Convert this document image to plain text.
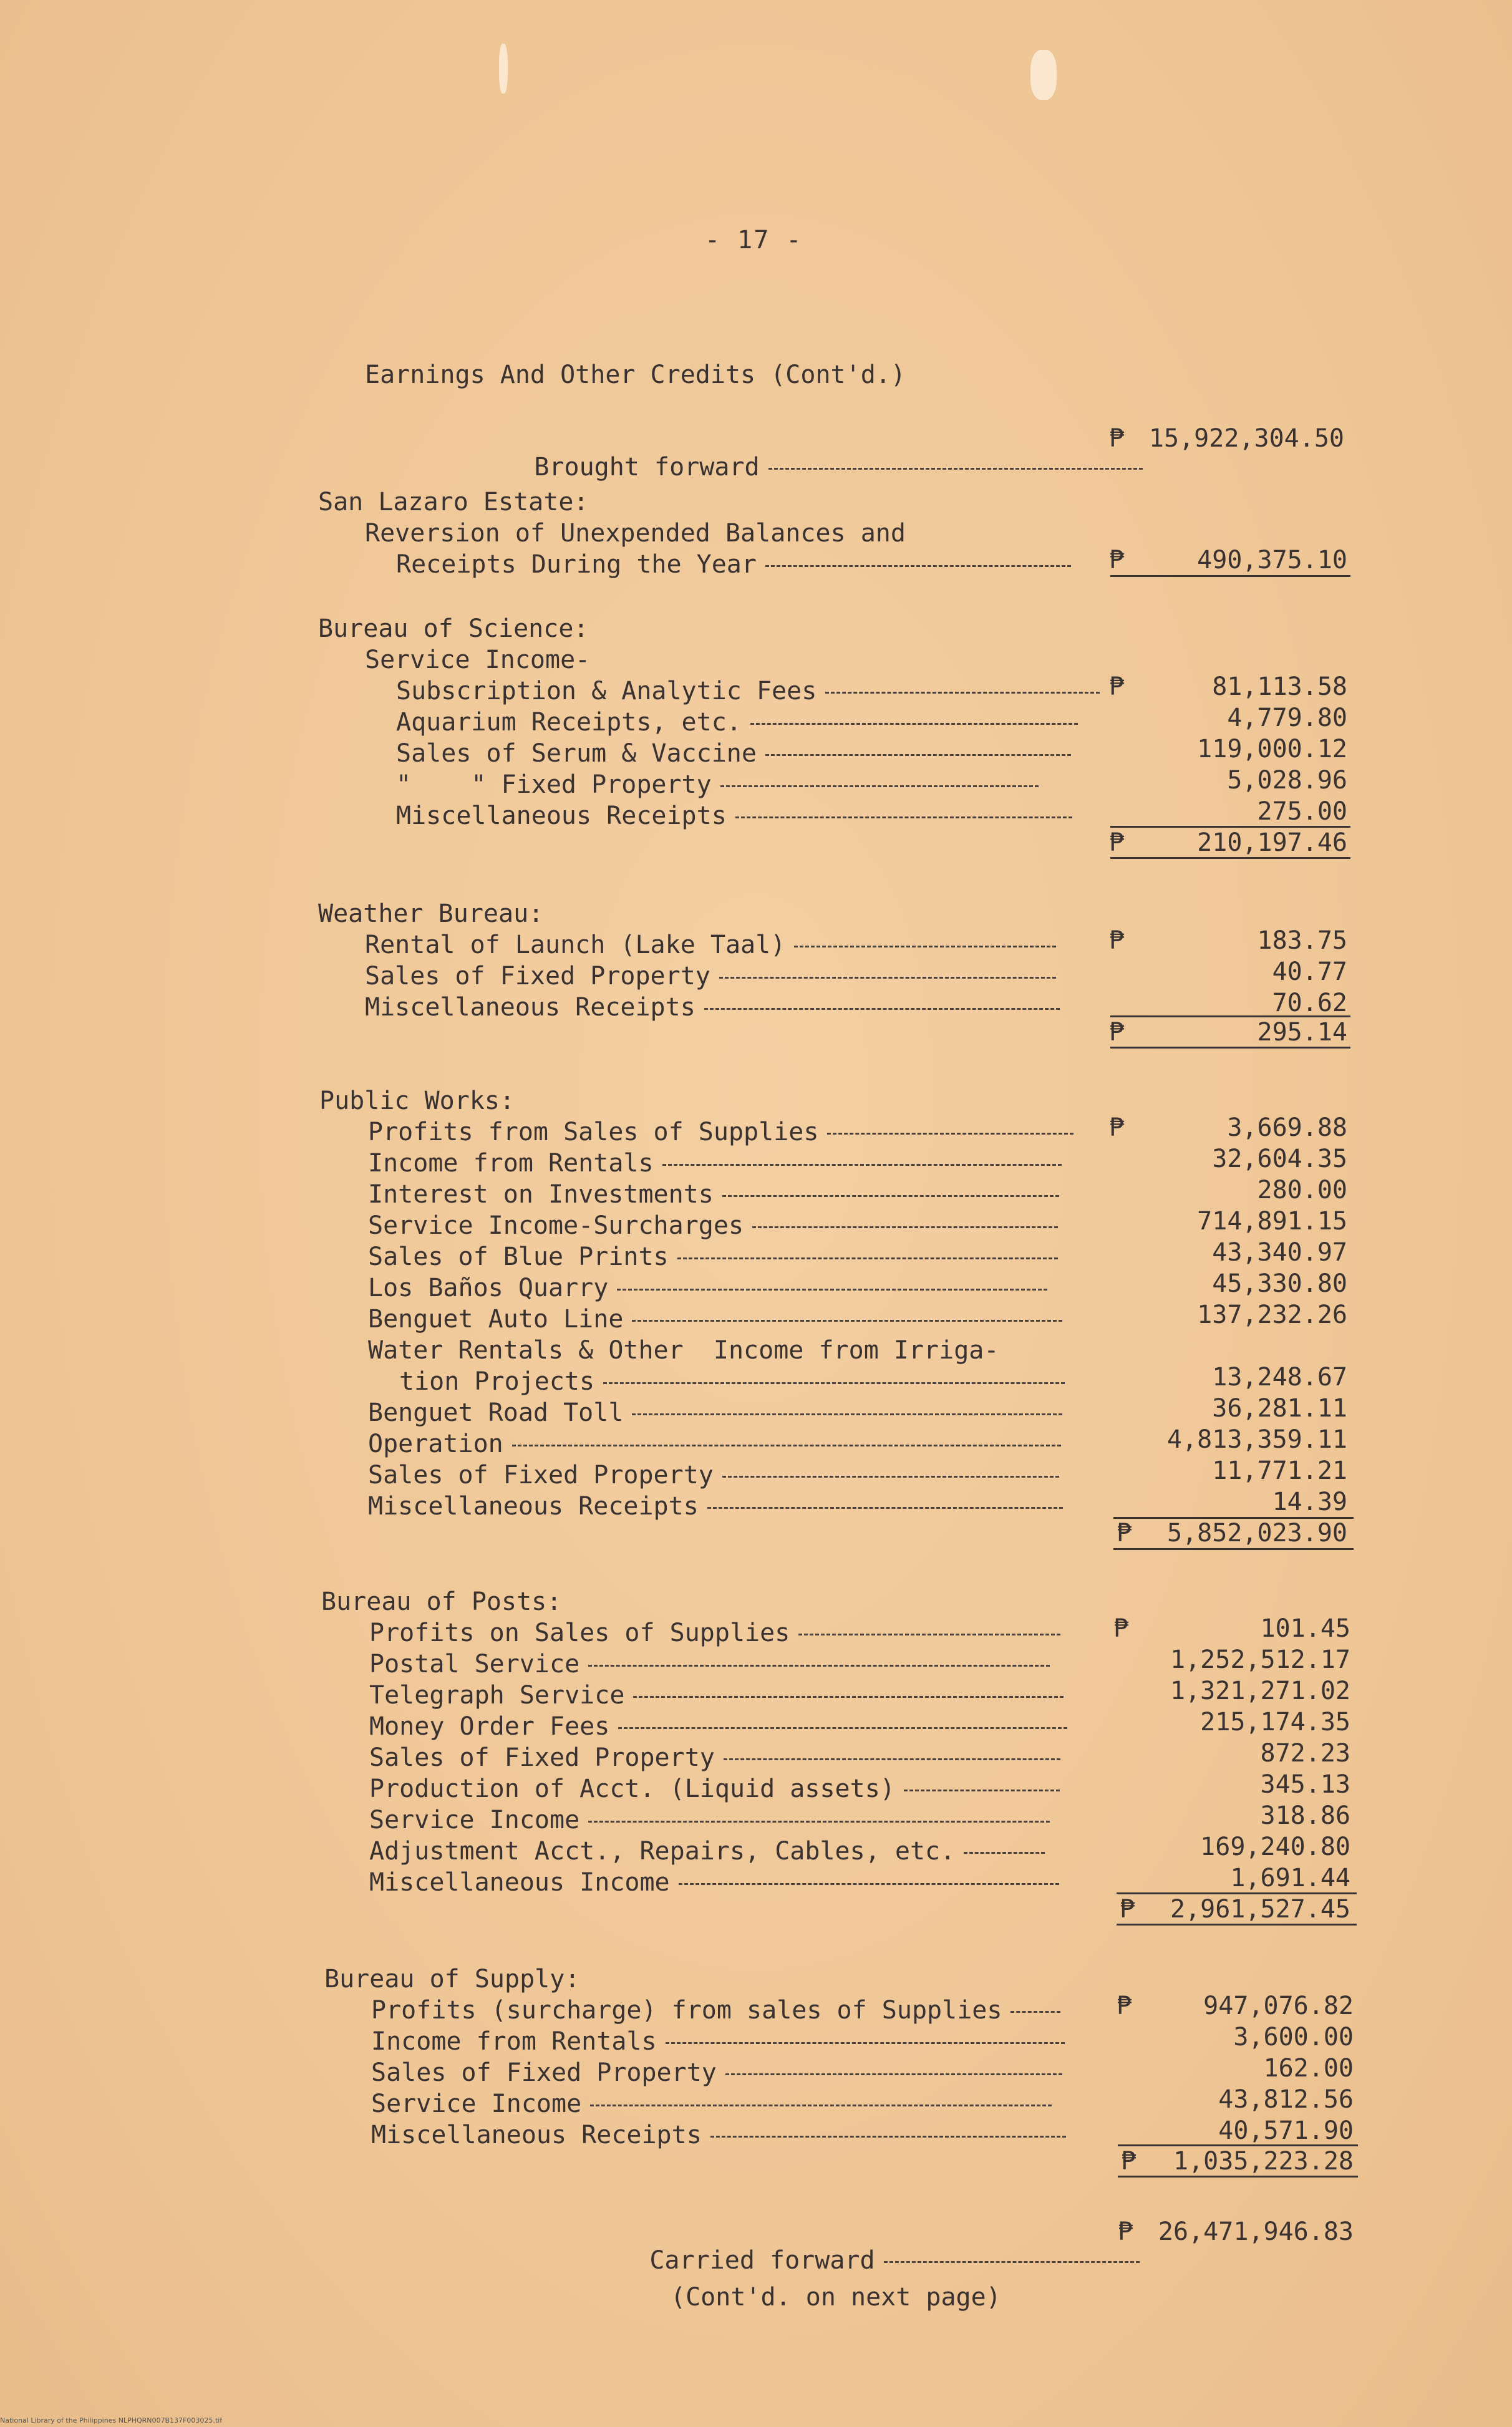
- 17 -
Earnings And Other Credits (Cont'd.)

Brought forward

₱ 15,922,304.50
San Lazaro Estate:
Reversion of Unexpended Balances and
Receipts During the Year	₱	490,375.10
Bureau of Science:
Service Income-
Subscription & Analytic Fees	₱	81,113.58
Aquarium Receipts, etc.	4,779.80
Sales of Serum & Vaccine	119,000.12
"    " Fixed Property	5,028.96
Miscellaneous Receipts	275.00
₱	210,197.46
Weather Bureau:
Rental of Launch (Lake Taal)	₱	183.75
Sales of Fixed Property	40.77
Miscellaneous Receipts	70.62
₱	295.14
Public Works:
Profits from Sales of Supplies	₱	3,669.88
Income from Rentals	32,604.35
Interest on Investments	280.00
Service Income-Surcharges	714,891.15
Sales of Blue Prints	43,340.97
Los Baños Quarry	45,330.80
Benguet Auto Line	137,232.26
Water Rentals & Other  Income from Irriga-
tion Projects	13,248.67
Benguet Road Toll	36,281.11
Operation	4,813,359.11
Sales of Fixed Property	11,771.21
Miscellaneous Receipts	14.39
₱	5,852,023.90
Bureau of Posts:
Profits on Sales of Supplies	₱	101.45
Postal Service	1,252,512.17
Telegraph Service	1,321,271.02
Money Order Fees	215,174.35
Sales of Fixed Property	872.23
Production of Acct. (Liquid assets)	345.13
Service Income	318.86
Adjustment Acct., Repairs, Cables, etc.	169,240.80
Miscellaneous Income	1,691.44
₱	2,961,527.45
Bureau of Supply:
Profits (surcharge) from sales of Supplies	₱	947,076.82
Income from Rentals	3,600.00
Sales of Fixed Property	162.00
Service Income	43,812.56
Miscellaneous Receipts	40,571.90
₱	1,035,223.28

Carried forward

₱	26,471,946.83
(Cont'd. on next page)
National Library of the Philippines NLPHQRN007B137F003025.tif
